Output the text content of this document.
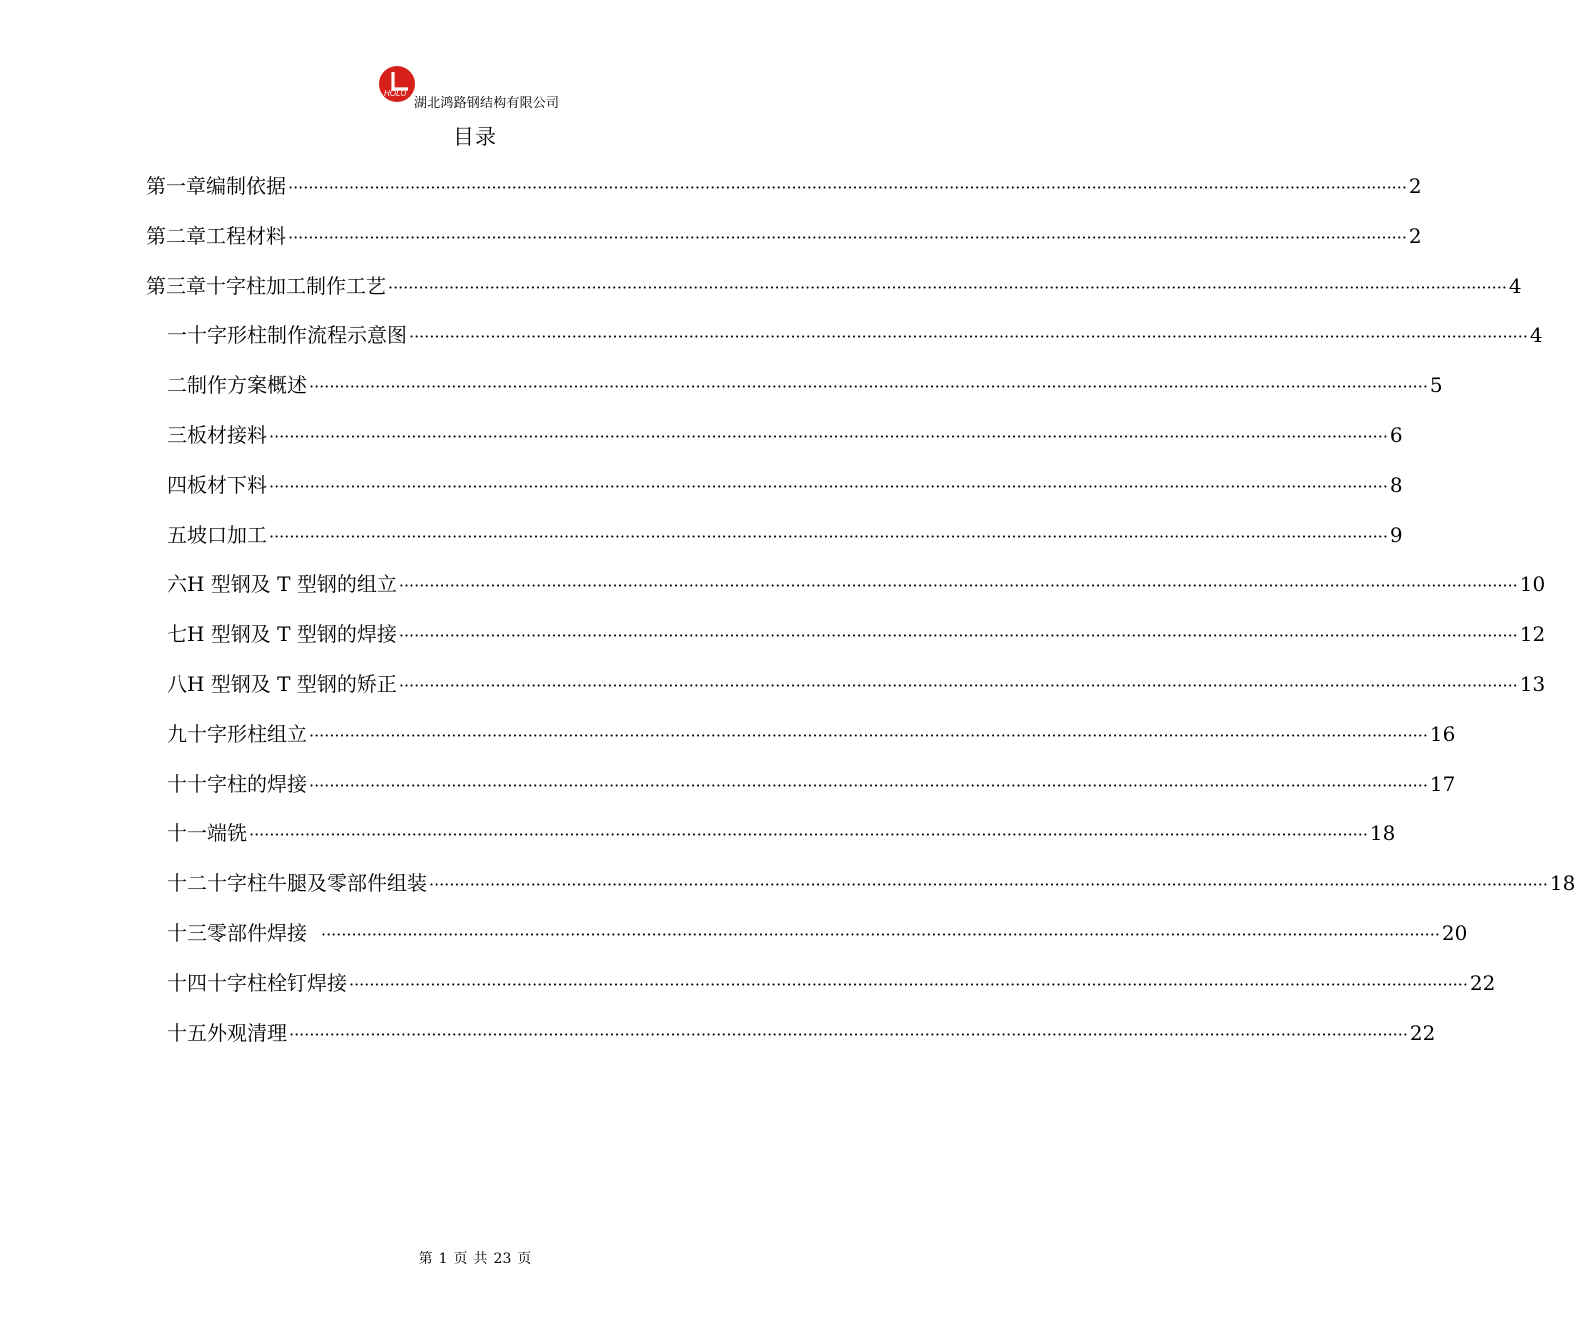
HOLU
湖北鸿路钢结构有限公司
目录
第一章 编制依据 ···························································································································································································································· 2
第二章 工程材料 ···························································································································································································································· 2
第三章 十字柱加工制作工艺 ···························································································································································································································· 4
一 十字形柱制作流程示意图 ···························································································································································································································· 4
二 制作方案概述 ···························································································································································································································· 5
三 板材接料 ···························································································································································································································· 6
四 板材下料 ···························································································································································································································· 8
五 坡口加工 ···························································································································································································································· 9
六 H 型钢及 T 型钢的组立 ···························································································································································································································· 10
七 H 型钢及 T 型钢的焊接 ···························································································································································································································· 12
八 H 型钢及 T 型钢的矫正 ···························································································································································································································· 13
九 十字形柱组立 ···························································································································································································································· 16
十 十字柱的焊接 ···························································································································································································································· 17
十一 端铣 ···························································································································································································································· 18
十二 十字柱牛腿及零部件组装 ···························································································································································································································· 18
十三 零部件焊接 ···························································································································································································································· 20
十四 十字柱栓钉焊接 ···························································································································································································································· 22
十五 外观清理 ···························································································································································································································· 22
第 1 页 共 23 页
